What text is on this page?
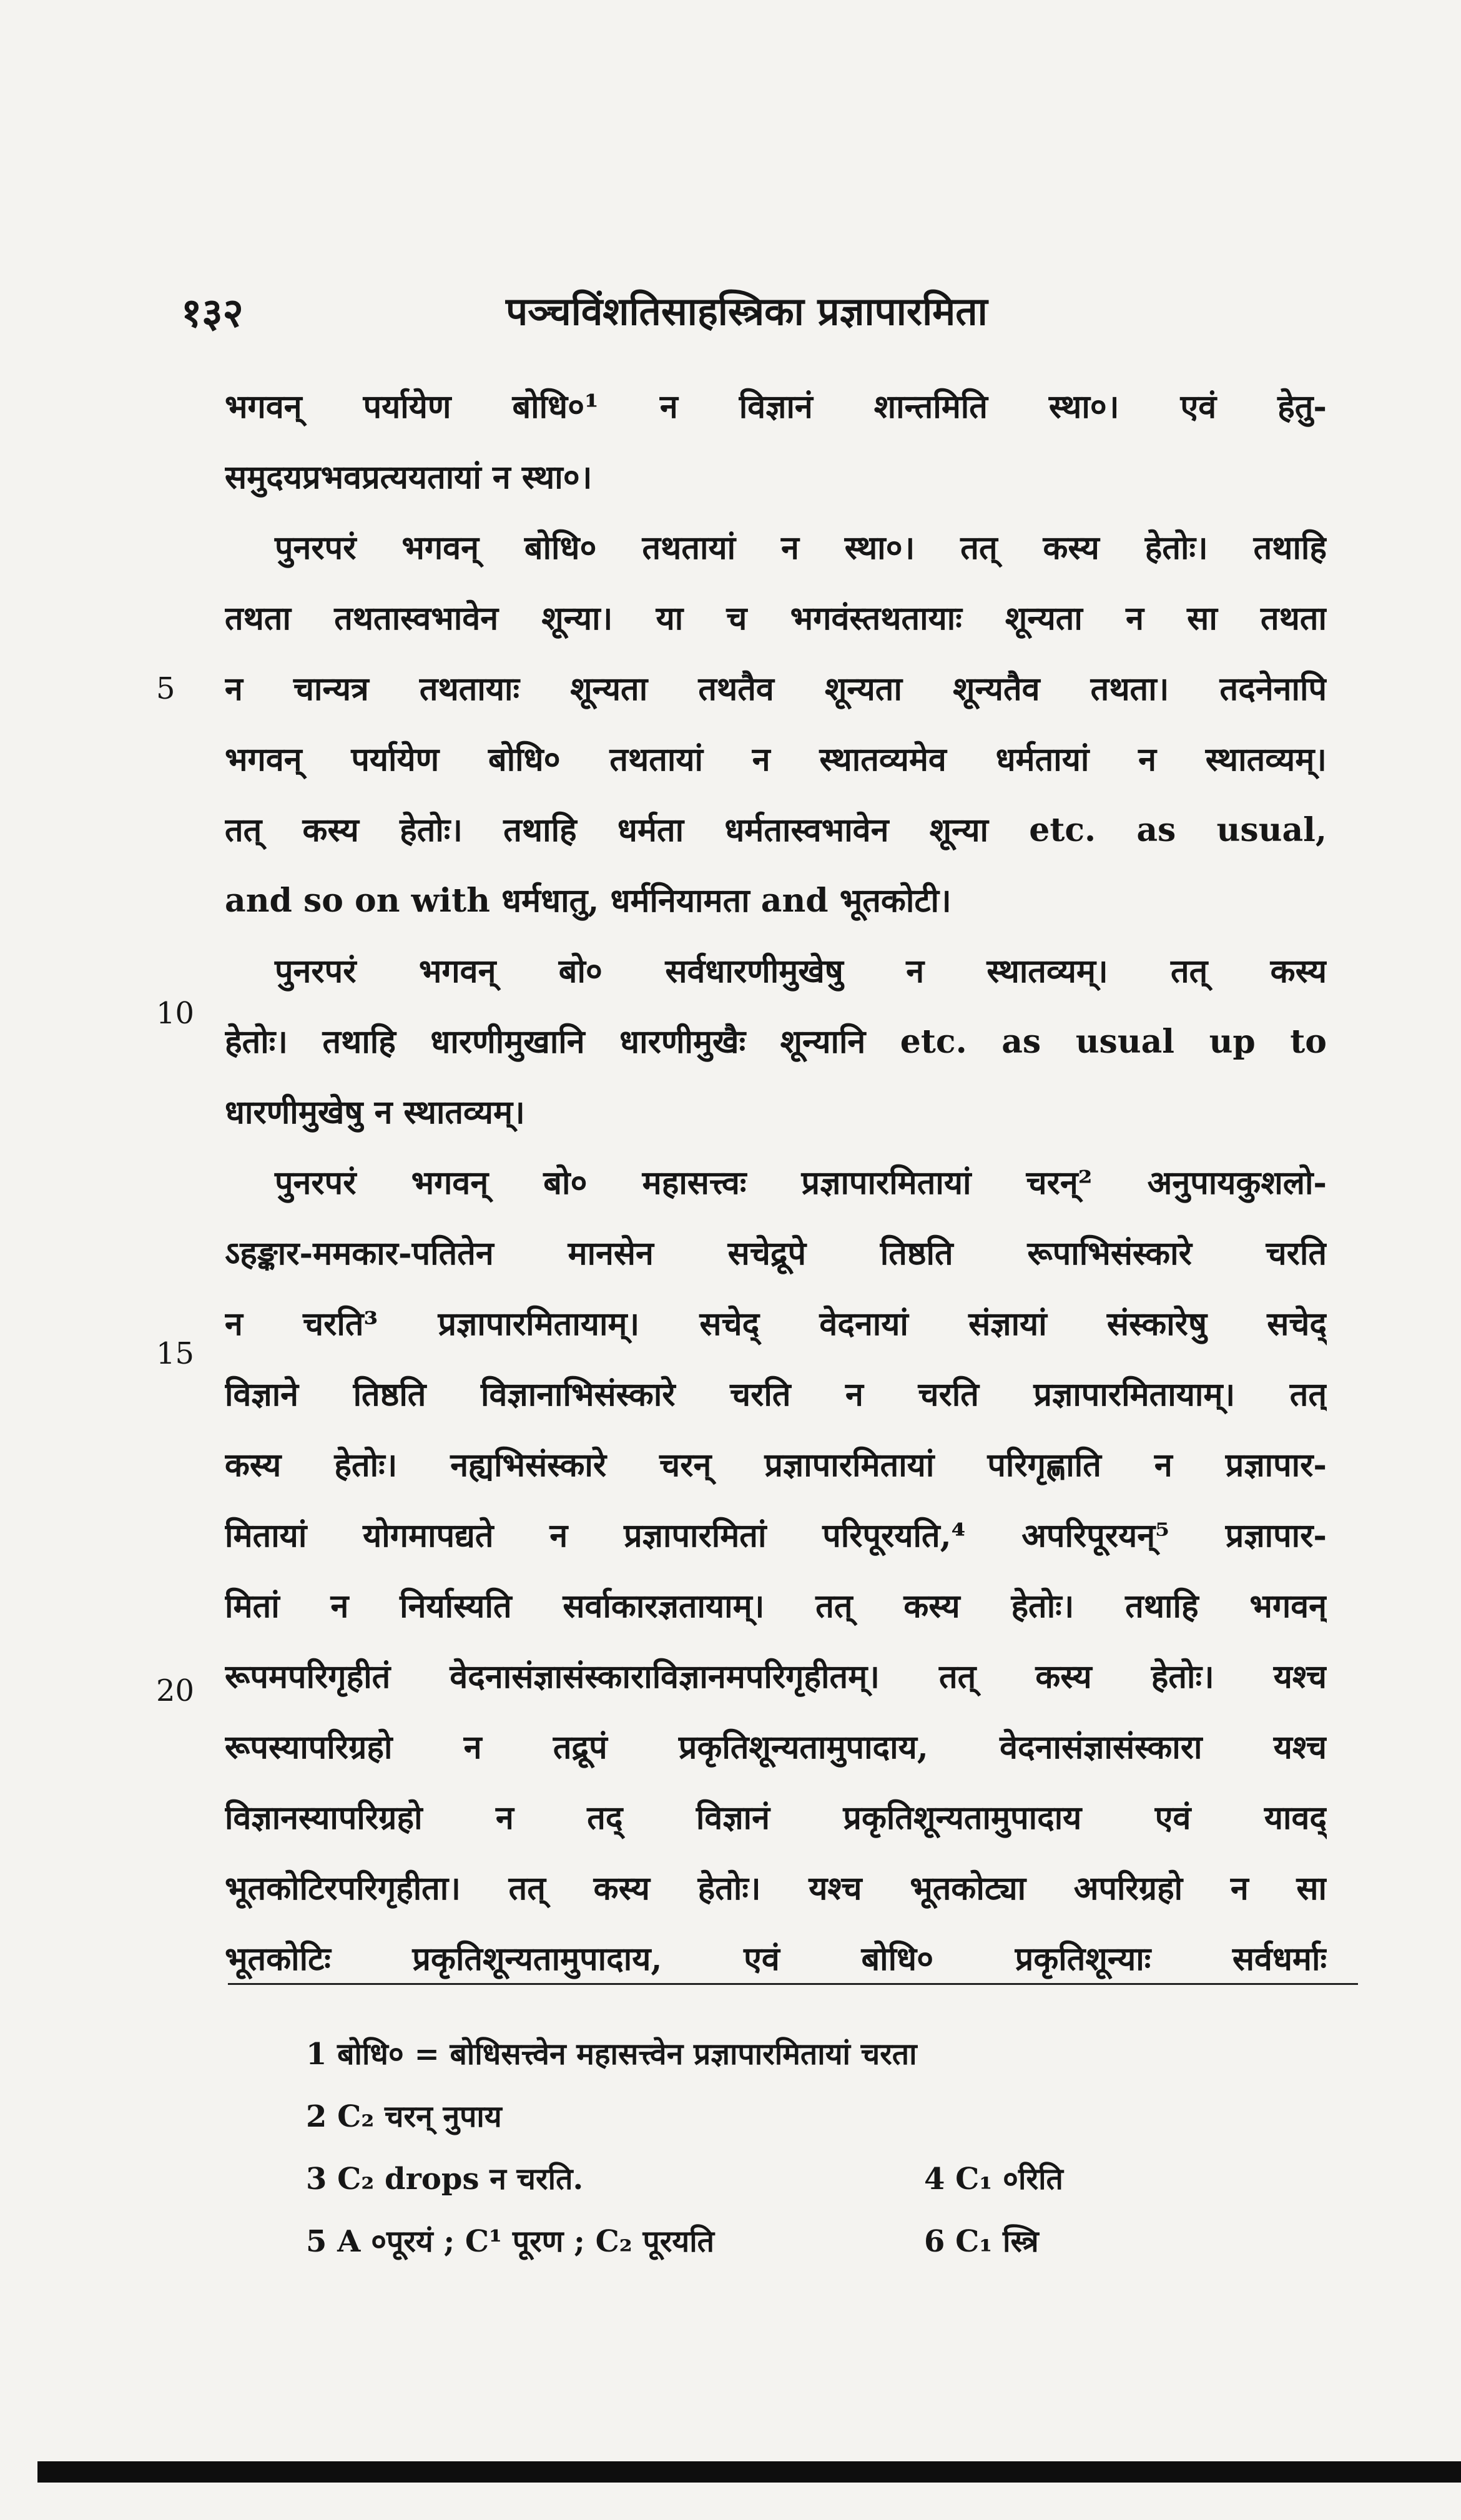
१३२	पञ्चविंशतिसाहस्त्रिका प्रज्ञापारमिता
5
10
15
20
भगवन् पर्यायेण बोधि०¹ न विज्ञानं शान्तमिति स्था०। एवं हेतु-
समुदयप्रभवप्रत्ययतायां न स्था०।
पुनरपरं भगवन् बोधि० तथतायां न स्था०। तत् कस्य हेतोः। तथाहि
तथता तथतास्वभावेन शून्या। या च भगवंस्तथतायाः शून्यता न सा तथता
न चान्यत्र तथतायाः शून्यता तथतैव शून्यता शून्यतैव तथता। तदनेनापि
भगवन् पर्यायेण बोधि० तथतायां न स्थातव्यमेव धर्मतायां न स्थातव्यम्।
तत् कस्य हेतोः। तथाहि धर्मता धर्मतास्वभावेन शून्या etc. as usual,
and so on with धर्मधातु, धर्मनियामता and भूतकोटी।
पुनरपरं भगवन् बो० सर्वधारणीमुखेषु न स्थातव्यम्। तत् कस्य
हेतोः। तथाहि धारणीमुखानि धारणीमुखैः शून्यानि etc. as usual up to
धारणीमुखेषु न स्थातव्यम्।
पुनरपरं भगवन् बो० महासत्त्वः प्रज्ञापारमितायां चरन्² अनुपायकुशलो-
ऽहङ्कार-ममकार-पतितेन मानसेन सचेद्रूपे तिष्ठति रूपाभिसंस्कारे चरति
न चरति³ प्रज्ञापारमितायाम्। सचेद् वेदनायां संज्ञायां संस्कारेषु सचेद्
विज्ञाने तिष्ठति विज्ञानाभिसंस्कारे चरति न चरति प्रज्ञापारमितायाम्। तत्
कस्य हेतोः। नह्यभिसंस्कारे चरन् प्रज्ञापारमितायां परिगृह्णाति न प्रज्ञापार-
मितायां योगमापद्यते न प्रज्ञापारमितां परिपूरयति,⁴ अपरिपूरयन्⁵ प्रज्ञापार-
मितां न निर्यास्यति सर्वाकारज्ञतायाम्। तत् कस्य हेतोः। तथाहि भगवन्
रूपमपरिगृहीतं वेदनासंज्ञासंस्काराविज्ञानमपरिगृहीतम्। तत् कस्य हेतोः। यश्च
रूपस्यापरिग्रहो न तद्रूपं प्रकृतिशून्यतामुपादाय, वेदनासंज्ञासंस्कारा यश्च
विज्ञानस्यापरिग्रहो न तद् विज्ञानं प्रकृतिशून्यतामुपादाय एवं यावद्
भूतकोटिरपरिगृहीता। तत् कस्य हेतोः। यश्च भूतकोट्या अपरिग्रहो न सा
भूतकोटिः प्रकृतिशून्यतामुपादाय, एवं बोधि० प्रकृतिशून्याः सर्वधर्माः
1 बोधि० = बोधिसत्त्वेन महासत्त्वेन प्रज्ञापारमितायां चरता
2 C₂ चरन् नुपाय
3 C₂ drops न चरति.	4 C₁ ०रिति
5 A ०पूरयं ; C¹ पूरण ; C₂ पूरयति	6 C₁ स्त्रि
